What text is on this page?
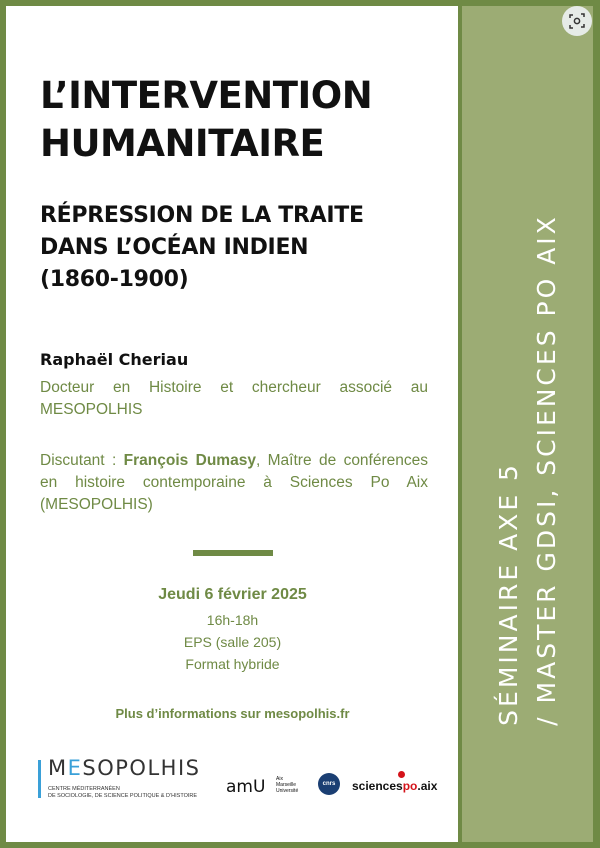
SÉMINAIRE AXE 5 / MASTER GDSI, SCIENCES PO AIX
L’INTERVENTION
HUMANITAIRE
RÉPRESSION DE LA TRAITE
DANS L’OCÉAN INDIEN
(1860-1900)
Raphaël Cheriau
Docteur en Histoire et chercheur associé au MESOPOLHIS
Discutant : François Dumasy, Maître de conférences en histoire contemporaine à Sciences Po Aix (MESOPOLHIS)
Jeudi 6 février 2025
16h-18h
EPS (salle 205)
Format hybride
Plus d’informations sur mesopolhis.fr
MESOPOLHIS
CENTRE MÉDITERRANÉEN
DE SOCIOLOGIE, DE SCIENCE POLITIQUE & D’HISTOIRE	amU Aix
Marseille
Université
cnrs	sciencespo.aix
